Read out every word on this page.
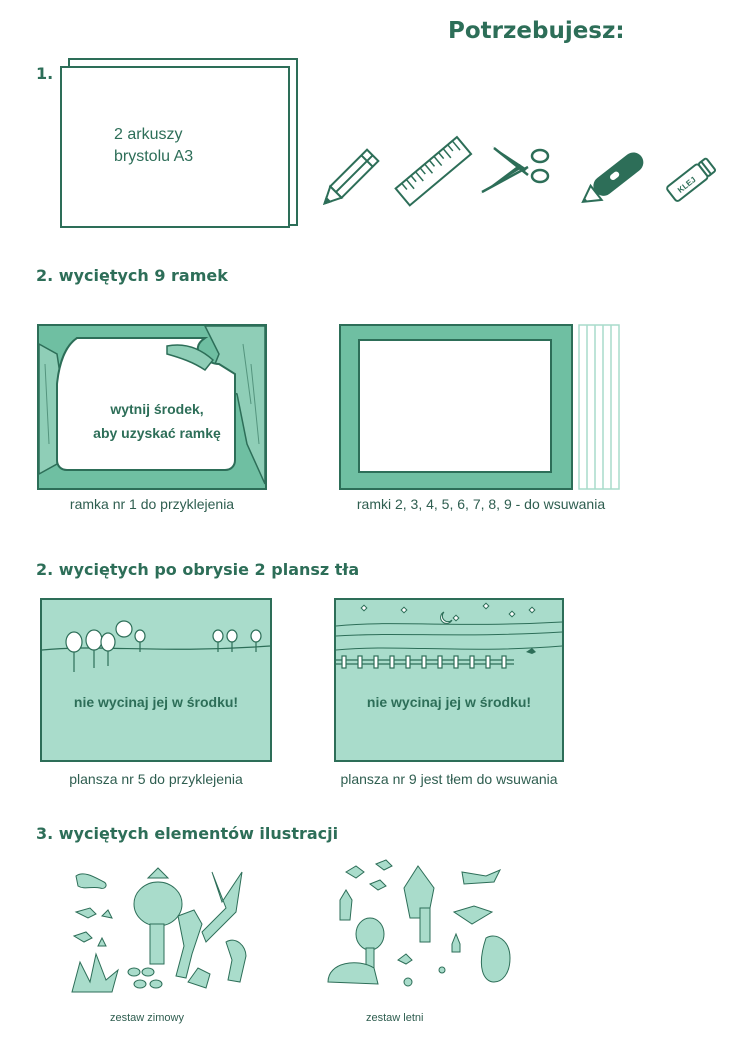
Potrzebujesz:
1.
2 arkuszy
brystolu A3
KLEJ
2. wyciętych 9 ramek
wytnij środek,
aby uzyskać ramkę
ramka nr 1 do przyklejenia	ramki 2, 3, 4, 5, 6, 7, 8, 9 - do wsuwania
2. wyciętych po obrysie 2 plansz tła
nie wycinaj jej w środku!
plansza nr 5 do przyklejenia
nie wycinaj jej w środku!
plansza nr 9 jest tłem do wsuwania
3. wyciętych elementów ilustracji
zestaw zimowy	zestaw letni
